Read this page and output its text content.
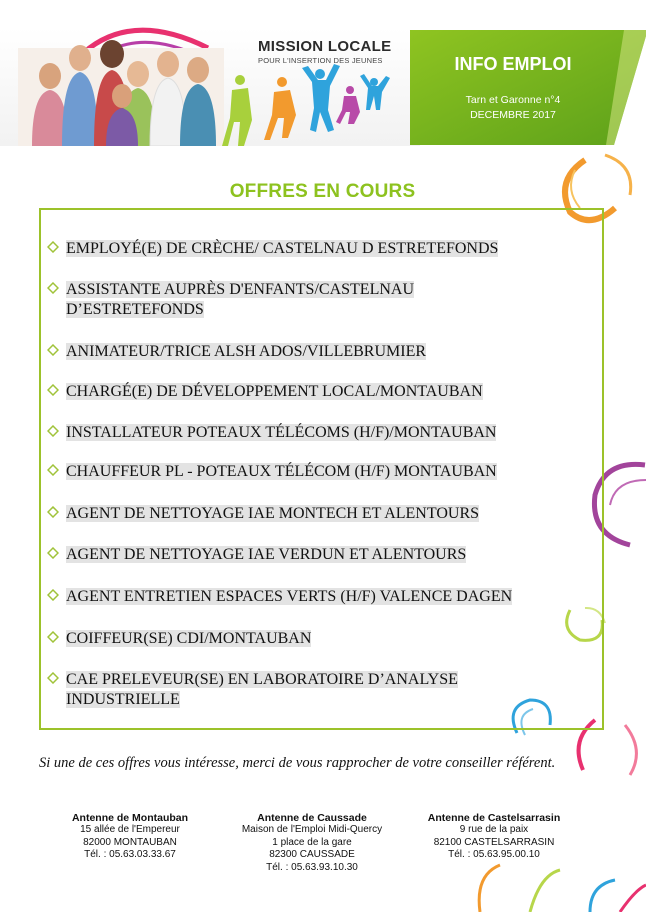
MISSION LOCALE
POUR L'INSERTION DES JEUNES	INFO EMPLOI
Tarn et Garonne n°4
DECEMBRE 2017
OFFRES EN COURS
EMPLOYÉ(E) DE CRÈCHE/ CASTELNAU D ESTRETEFONDS
ASSISTANTE AUPRÈS D'ENFANTS/CASTELNAU
D’ESTRETEFONDS
ANIMATEUR/TRICE ALSH ADOS/VILLEBRUMIER
CHARGÉ(E) DE DÉVELOPPEMENT LOCAL/MONTAUBAN
INSTALLATEUR POTEAUX TÉLÉCOMS (H/F)/MONTAUBAN
CHAUFFEUR PL - POTEAUX TÉLÉCOM (H/F) MONTAUBAN
AGENT DE NETTOYAGE IAE MONTECH ET ALENTOURS
AGENT DE NETTOYAGE IAE VERDUN ET ALENTOURS
AGENT ENTRETIEN ESPACES VERTS (H/F) VALENCE DAGEN
COIFFEUR(SE) CDI/MONTAUBAN
CAE PRELEVEUR(SE) EN LABORATOIRE D’ANALYSE
INDUSTRIELLE
Si une de ces offres vous intéresse, merci de vous rapprocher de votre conseiller référent.
Antenne de Montauban
15 allée de l'Empereur
82000 MONTAUBAN
Tél. : 05.63.03.33.67
Antenne de Caussade
Maison de l'Emploi Midi-Quercy
1 place de la gare
82300 CAUSSADE
Tél. : 05.63.93.10.30
Antenne de Castelsarrasin
9 rue de la paix
82100 CASTELSARRASIN
Tél. : 05.63.95.00.10
